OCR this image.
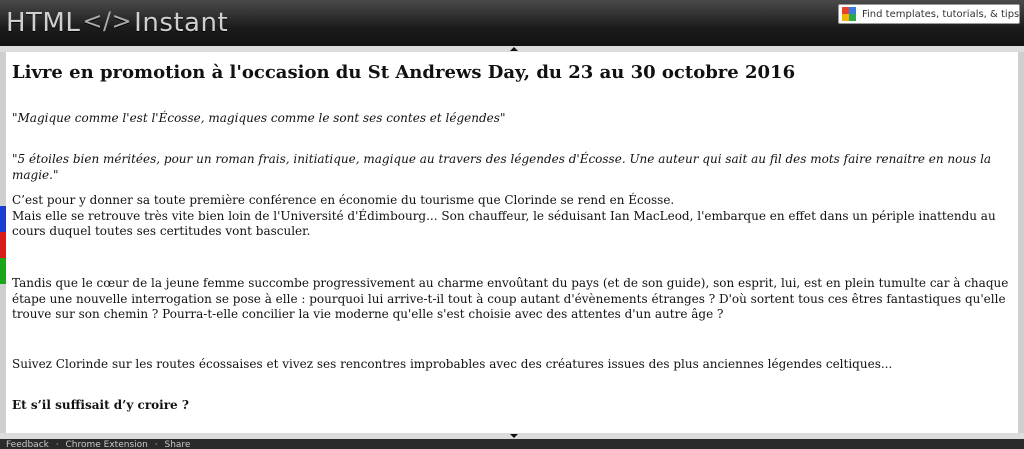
HTML </> Instant	Find templates, tutorials, & tips
Livre en promotion à l'occasion du St Andrews Day, du 23 au 30 octobre 2016

"Magique comme l'est l'Écosse, magiques comme le sont ses contes et légendes"

"5 étoiles bien méritées, pour un roman frais, initiatique, magique au travers des légendes d'Écosse. Une auteur qui sait au fil des mots faire renaitre en nous la magie."

C’est pour y donner sa toute première conférence en économie du tourisme que Clorinde se rend en Écosse.
Mais elle se retrouve très vite bien loin de l'Université d'Édimbourg... Son chauffeur, le séduisant Ian MacLeod, l'embarque en effet dans un périple inattendu au cours duquel toutes ses certitudes vont basculer.

Tandis que le cœur de la jeune femme succombe progressivement au charme envoûtant du pays (et de son guide), son esprit, lui, est en plein tumulte car à chaque étape une nouvelle interrogation se pose à elle : pourquoi lui arrive-t-il tout à coup autant d'évènements étranges ? D'où sortent tous ces êtres fantastiques qu'elle trouve sur son chemin ? Pourra-t-elle concilier la vie moderne qu'elle s'est choisie avec des attentes d'un autre âge ?

Suivez Clorinde sur les routes écossaises et vivez ses rencontres improbables avec des créatures issues des plus anciennes légendes celtiques...

Et s’il suffisait d’y croire ?

Feedback · Chrome Extension · Share
